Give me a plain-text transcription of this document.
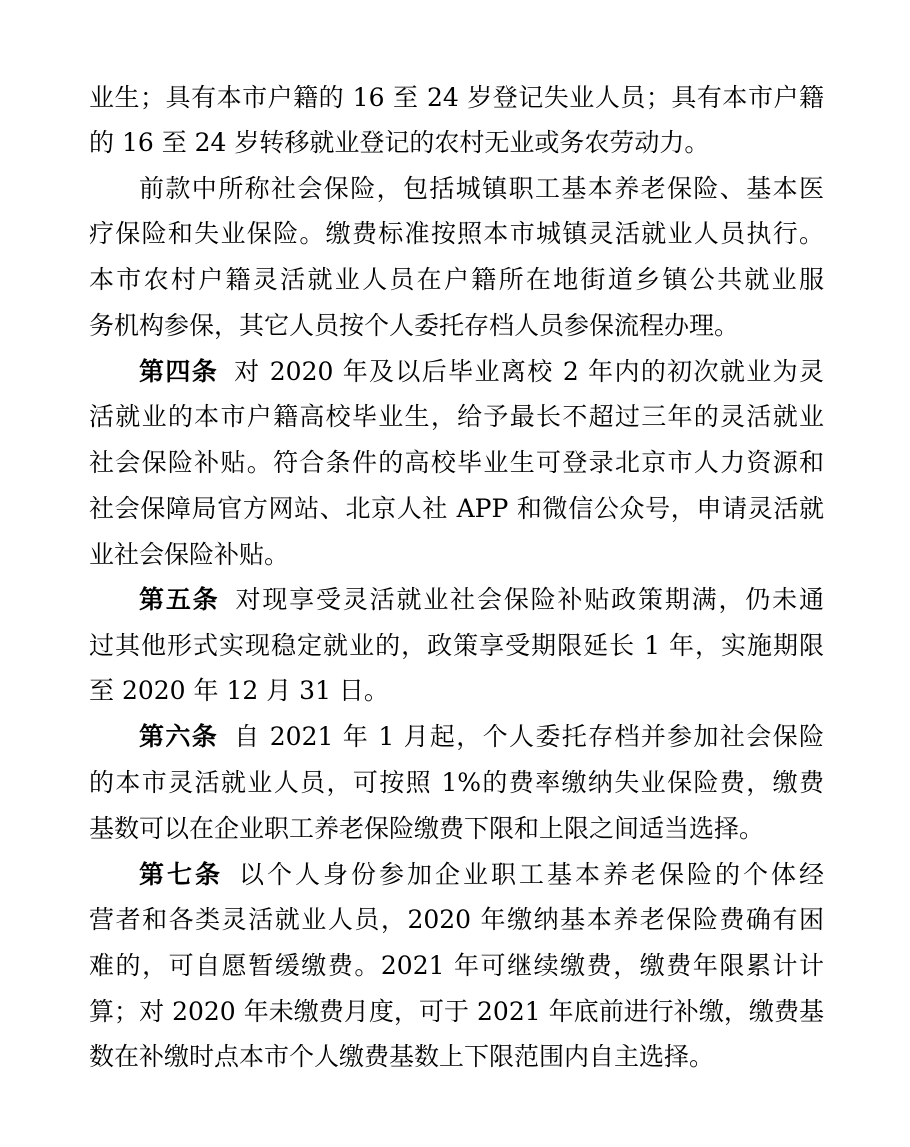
业生；具有本市户籍的 16 至 24 岁登记失业人员；具有本市户籍
的 16 至 24 岁转移就业登记的农村无业或务农劳动力。
前款中所称社会保险，包括城镇职工基本养老保险、基本医
疗保险和失业保险。缴费标准按照本市城镇灵活就业人员执行。
本市农村户籍灵活就业人员在户籍所在地街道乡镇公共就业服
务机构参保，其它人员按个人委托存档人员参保流程办理。
第四条 对 2020 年及以后毕业离校 2 年内的初次就业为灵
活就业的本市户籍高校毕业生，给予最长不超过三年的灵活就业
社会保险补贴。符合条件的高校毕业生可登录北京市人力资源和
社会保障局官方网站、北京人社 APP 和微信公众号，申请灵活就
业社会保险补贴。
第五条 对现享受灵活就业社会保险补贴政策期满，仍未通
过其他形式实现稳定就业的，政策享受期限延长 1 年，实施期限
至 2020 年 12 月 31 日。
第六条 自 2021 年 1 月起，个人委托存档并参加社会保险
的本市灵活就业人员，可按照 1%的费率缴纳失业保险费，缴费
基数可以在企业职工养老保险缴费下限和上限之间适当选择。
第七条 以个人身份参加企业职工基本养老保险的个体经
营者和各类灵活就业人员，2020 年缴纳基本养老保险费确有困
难的，可自愿暂缓缴费。2021 年可继续缴费，缴费年限累计计
算；对 2020 年未缴费月度，可于 2021 年底前进行补缴，缴费基
数在补缴时点本市个人缴费基数上下限范围内自主选择。
